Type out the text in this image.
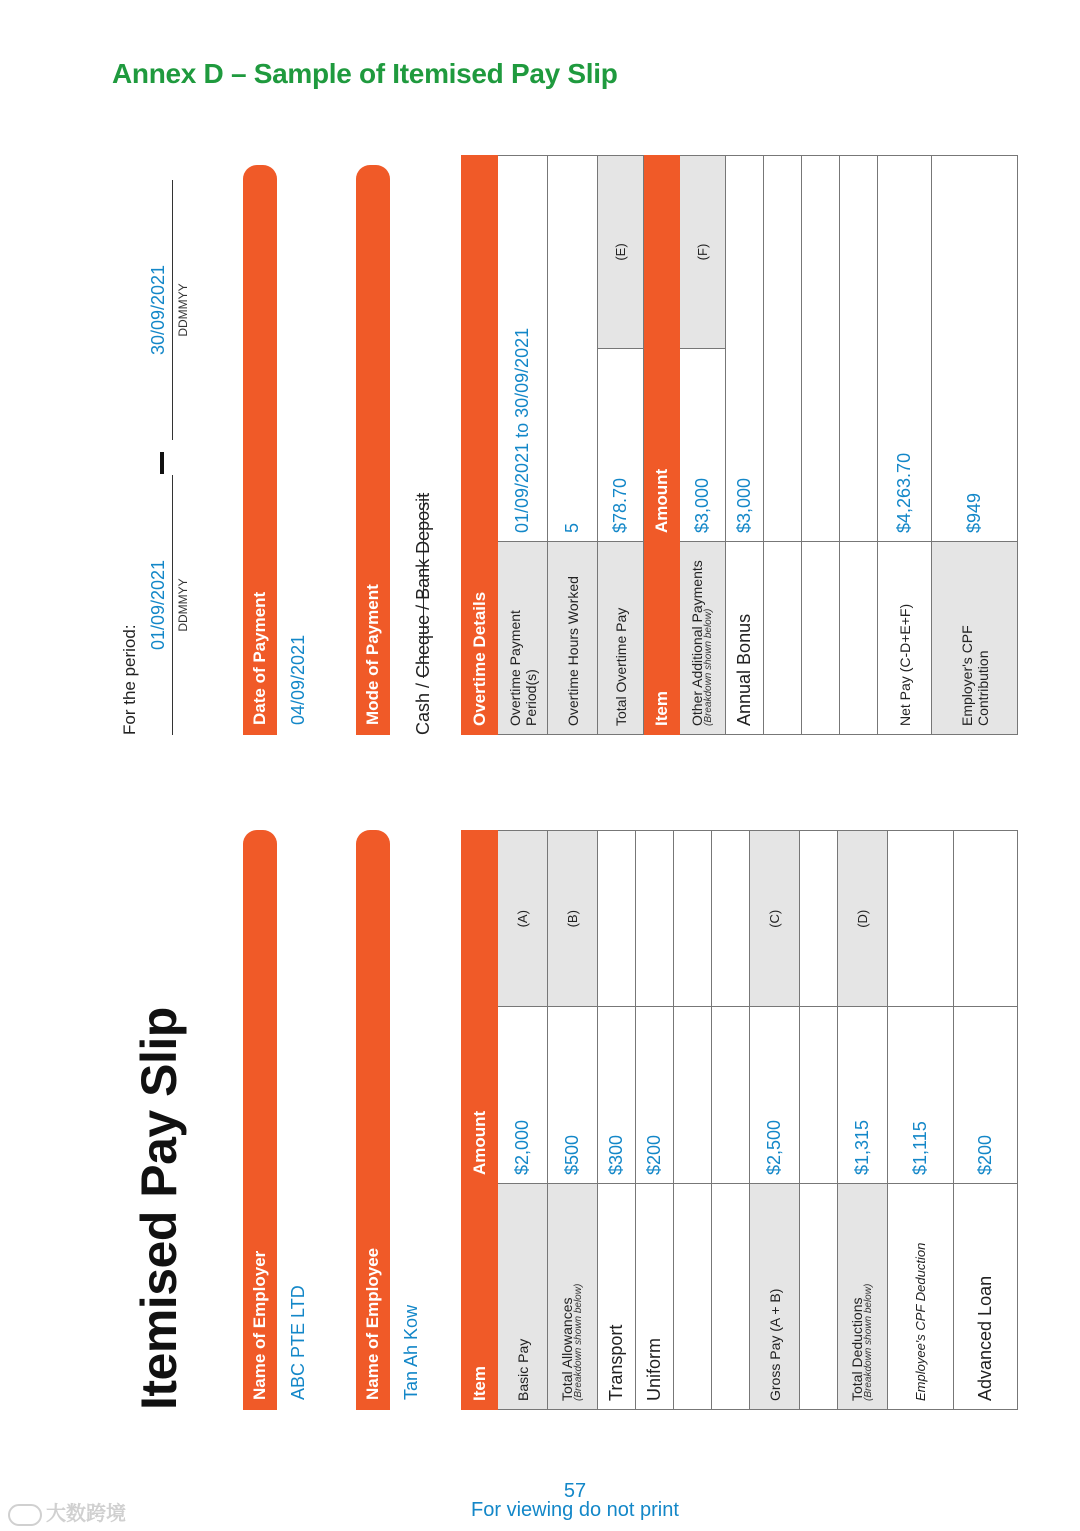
Annex D – Sample of Itemised Pay Slip
Itemised Pay Slip	Name of Employer	ABC PTE LTD	Name of Employee	Tan Ah Kow
For the period:
01/09/2021 DDMMYY
30/09/2021 DDMMYY
Date of Payment	04/09/2021	Mode of Payment	Cash / Cheque / Bank Deposit
Item	Amount	
Basic Pay	$2,000	(A)
Total Allowances
(Breakdown shown below)	$500	(B)
Transport	$300	
Uniform	$200	

Gross Pay (A + B)	$2,500	(C)

Total Deductions
(Breakdown shown below)	$1,315	(D)
Employee's CPF Deduction	$1,115	
Advanced Loan	$200	
Overtime Details		
Overtime Payment Period(s)	01/09/2021 to 30/09/2021	
Overtime Hours Worked	5	
Total Overtime Pay	$78.70	(E)
Item	Amount	
Other Additional Payments
(Breakdown shown below)	$3,000	(F)
Annual Bonus	$3,000	

Net Pay (C-D+E+F)	$4,263.70	
Employer's CPF Contribution	$949	
57
For viewing do not print
大数跨境
